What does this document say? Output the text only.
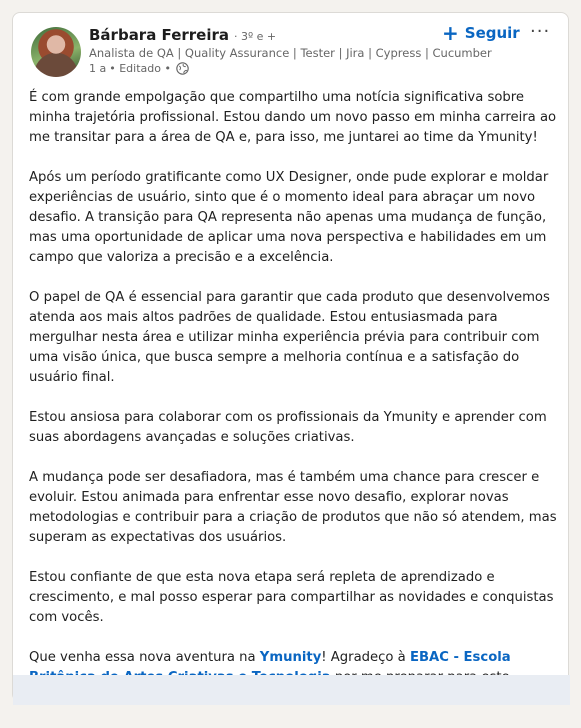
Bárbara Ferreira · 3º e +
Analista de QA | Quality Assurance | Tester | Jira | Cypress | Cucumber
1 a • Editado •
+ Seguir ···

É com grande empolgação que compartilho uma notícia significativa sobre minha trajetória profissional. Estou dando um novo passo em minha carreira ao me transitar para a área de QA e, para isso, me juntarei ao time da Ymunity!

Após um período gratificante como UX Designer, onde pude explorar e moldar experiências de usuário, sinto que é o momento ideal para abraçar um novo desafio. A transição para QA representa não apenas uma mudança de função, mas uma oportunidade de aplicar uma nova perspectiva e habilidades em um campo que valoriza a precisão e a excelência.

O papel de QA é essencial para garantir que cada produto que desenvolvemos atenda aos mais altos padrões de qualidade. Estou entusiasmada para mergulhar nesta área e utilizar minha experiência prévia para contribuir com uma visão única, que busca sempre a melhoria contínua e a satisfação do usuário final.

Estou ansiosa para colaborar com os profissionais da Ymunity e aprender com suas abordagens avançadas e soluções criativas.

A mudança pode ser desafiadora, mas é também uma chance para crescer e evoluir. Estou animada para enfrentar esse novo desafio, explorar novas metodologias e contribuir para a criação de produtos que não só atendem, mas superam as expectativas dos usuários.

Estou confiante de que esta nova etapa será repleta de aprendizado e crescimento, e mal posso esperar para compartilhar as novidades e conquistas com vocês.

Que venha essa nova aventura na Ymunity! Agradeço à EBAC - Escola
